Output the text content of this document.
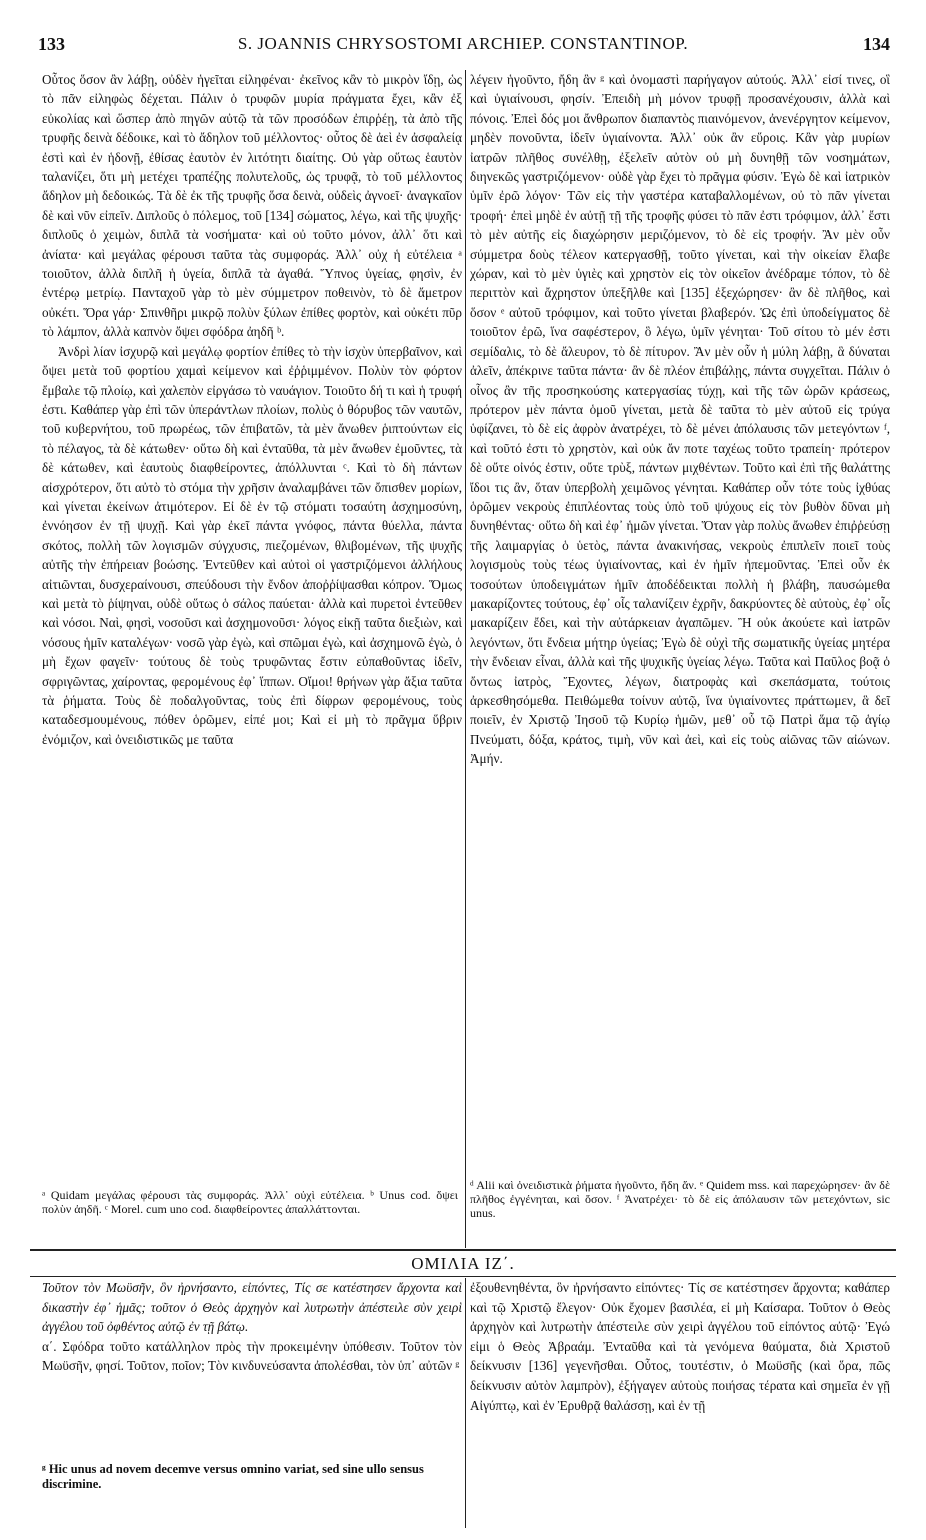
133	S. JOANNIS CHRYSOSTOMI ARCHIEP. CONSTANTINOP.	134

Οὗτος ὅσον ἂν λάβῃ, οὐδὲν ἡγεῖται εἰληφέναι· ἐκεῖνος κἂν τὸ μικρὸν ἴδῃ, ὡς τὸ πᾶν εἰληφὼς δέχεται. Πάλιν ὁ τρυφῶν μυρία πράγματα ἔχει, κἂν ἐξ εὐκολίας καὶ ὥσπερ ἀπὸ πηγῶν αὐτῷ τὰ τῶν προσόδων ἐπιρῥέῃ, τὰ ἀπὸ τῆς τρυφῆς δεινὰ δέδοικε, καὶ τὸ ἄδηλον τοῦ μέλλοντος· οὗτος δὲ ἀεὶ ἐν ἀσφαλείᾳ ἐστὶ καὶ ἐν ἡδονῇ, ἐθίσας ἑαυτὸν ἐν λιτότητι διαίτης. Οὐ γὰρ οὕτως ἑαυτὸν ταλανίζει, ὅτι μὴ μετέχει τραπέζης πολυτελοῦς, ὡς τρυφᾷ, τὸ τοῦ μέλλοντος ἄδηλον μὴ δεδοικώς. Τὰ δὲ ἐκ τῆς τρυφῆς ὅσα δεινὰ, οὐδεὶς ἀγνοεῖ· ἀναγκαῖον δὲ καὶ νῦν εἰπεῖν. Διπλοῦς ὁ πόλεμος, τοῦ [134] σώματος, λέγω, καὶ τῆς ψυχῆς· διπλοῦς ὁ χειμὼν, διπλᾶ τὰ νοσήματα· καὶ οὐ τοῦτο μόνον, ἀλλ᾽ ὅτι καὶ ἀνίατα· καὶ μεγάλας φέρουσι ταῦτα τὰς συμφοράς. Ἀλλ᾽ οὐχ ἡ εὐτέλεια ᵃ τοιοῦτον, ἀλλὰ διπλῆ ἡ ὑγεία, διπλᾶ τὰ ἀγαθά. Ὕπνος ὑγείας, φησὶν, ἐν ἐντέρῳ μετρίῳ. Πανταχοῦ γὰρ τὸ μὲν σύμμετρον ποθεινὸν, τὸ δὲ ἄμετρον οὐκέτι. Ὅρα γάρ· Σπινθῆρι μικρῷ πολὺν ξύλων ἐπίθες φορτὸν, καὶ οὐκέτι πῦρ τὸ λάμπον, ἀλλὰ καπνὸν ὄψει σφόδρα ἀηδῆ ᵇ.

Ἀνδρὶ λίαν ἰσχυρῷ καὶ μεγάλῳ φορτίον ἐπίθες τὸ τὴν ἰσχὺν ὑπερβαῖνον, καὶ ὄψει μετὰ τοῦ φορτίου χαμαὶ κείμενον καὶ ἐῤῥιμμένον. Πολὺν τὸν φόρτον ἔμβαλε τῷ πλοίῳ, καὶ χαλεπὸν εἰργάσω τὸ ναυάγιον. Τοιοῦτο δή τι καὶ ἡ τρυφή ἐστι. Καθάπερ γὰρ ἐπὶ τῶν ὑπεράντλων πλοίων, πολὺς ὁ θόρυβος τῶν ναυτῶν, τοῦ κυβερνήτου, τοῦ πρωρέως, τῶν ἐπιβατῶν, τὰ μὲν ἄνωθεν ῥιπτούντων εἰς τὸ πέλαγος, τὰ δὲ κάτωθεν· οὕτω δὴ καὶ ἐνταῦθα, τὰ μὲν ἄνωθεν ἐμοῦντες, τὰ δὲ κάτωθεν, καὶ ἑαυτοὺς διαφθείροντες, ἀπόλλυνται ᶜ. Καὶ τὸ δὴ πάντων αἰσχρότερον, ὅτι αὐτὸ τὸ στόμα τὴν χρῆσιν ἀναλαμβάνει τῶν ὄπισθεν μορίων, καὶ γίνεται ἐκείνων ἀτιμότερον. Εἰ δὲ ἐν τῷ στόματι τοσαύτη ἀσχημοσύνη, ἐννόησον ἐν τῇ ψυχῇ. Καὶ γὰρ ἐκεῖ πάντα γνόφος, πάντα θύελλα, πάντα σκότος, πολλὴ τῶν λογισμῶν σύγχυσις, πιεζομένων, θλιβομένων, τῆς ψυχῆς αὐτῆς τὴν ἐπήρειαν βοώσης. Ἐντεῦθεν καὶ αὐτοὶ οἱ γαστριζόμενοι ἀλλήλους αἰτιῶνται, δυσχεραίνουσι, σπεύδουσι τὴν ἔνδον ἀποῤῥίψασθαι κόπρον. Ὅμως καὶ μετὰ τὸ ῥίψηναι, οὐδὲ οὕτως ὁ σάλος παύεται· ἀλλὰ καὶ πυρετοὶ ἐντεῦθεν καὶ νόσοι. Ναὶ, φησὶ, νοσοῦσι καὶ ἀσχημονοῦσι· λόγος εἰκῇ ταῦτα διεξιὼν, καὶ νόσους ἡμῖν καταλέγων· νοσῶ γὰρ ἐγὼ, καὶ σπῶμαι ἐγὼ, καὶ ἀσχημονῶ ἐγὼ, ὁ μὴ ἔχων φαγεῖν· τούτους δὲ τοὺς τρυφῶντας ἔστιν εὐπαθοῦντας ἰδεῖν, σφριγῶντας, χαίροντας, φερομένους ἐφ᾽ ἵππων. Οἴμοι! θρήνων γὰρ ἄξια ταῦτα τὰ ῥήματα. Τοὺς δὲ ποδαλγοῦντας, τοὺς ἐπὶ δίφρων φερομένους, τοὺς καταδεσμουμένους, πόθεν ὁρῶμεν, εἰπέ μοι; Καὶ εἰ μὴ τὸ πρᾶγμα ὕβριν ἐνόμιζον, καὶ ὀνειδιστικῶς με ταῦτα

λέγειν ἡγοῦντο, ἤδη ἂν ᵍ καὶ ὀνομαστὶ παρήγαγον αὐτούς. Ἀλλ᾽ εἰσί τινες, οἳ καὶ ὑγιαίνουσι, φησίν. Ἐπειδὴ μὴ μόνον τρυφῇ προσανέχουσιν, ἀλλὰ καὶ πόνοις. Ἐπεὶ δός μοι ἄνθρωπον διαπαντὸς πιαινόμενον, ἀνενέργητον κείμενον, μηδὲν πονοῦντα, ἰδεῖν ὑγιαίνοντα. Ἀλλ᾽ οὐκ ἂν εὕροις. Κἂν γὰρ μυρίων ἰατρῶν πλῆθος συνέλθῃ, ἐξελεῖν αὐτὸν οὐ μὴ δυνηθῇ τῶν νοσημάτων, διηνεκῶς γαστριζόμενον· οὐδὲ γὰρ ἔχει τὸ πρᾶγμα φύσιν. Ἐγὼ δὲ καὶ ἰατρικὸν ὑμῖν ἐρῶ λόγον· Τῶν εἰς τὴν γαστέρα καταβαλλομένων, οὐ τὸ πᾶν γίνεται τροφή· ἐπεὶ μηδὲ ἐν αὐτῇ τῇ τῆς τροφῆς φύσει τὸ πᾶν ἐστι τρόφιμον, ἀλλ᾽ ἔστι τὸ μὲν αὐτῆς εἰς διαχώρησιν μεριζόμενον, τὸ δὲ εἰς τροφήν. Ἂν μὲν οὖν σύμμετρα δοὺς τέλεον κατεργασθῇ, τοῦτο γίνεται, καὶ τὴν οἰκείαν ἔλαβε χώραν, καὶ τὸ μὲν ὑγιὲς καὶ χρηστὸν εἰς τὸν οἰκεῖον ἀνέδραμε τόπον, τὸ δὲ περιττὸν καὶ ἄχρηστον ὑπεξῆλθε καὶ [135] ἐξεχώρησεν· ἂν δὲ πλῆθος, καὶ ὅσον ᵉ αὐτοῦ τρόφιμον, καὶ τοῦτο γίνεται βλαβερόν. Ὡς ἐπὶ ὑποδείγματος δὲ τοιοῦτον ἐρῶ, ἵνα σαφέστερον, ὃ λέγω, ὑμῖν γένηται· Τοῦ σίτου τὸ μέν ἐστι σεμίδαλις, τὸ δὲ ἄλευρον, τὸ δὲ πίτυρον. Ἂν μὲν οὖν ἡ μύλη λάβῃ, ἃ δύναται ἀλεῖν, ἀπέκρινε ταῦτα πάντα· ἂν δὲ πλέον ἐπιβάλῃς, πάντα συγχεῖται. Πάλιν ὁ οἶνος ἂν τῆς προσηκούσης κατεργασίας τύχῃ, καὶ τῆς τῶν ὡρῶν κράσεως, πρότερον μὲν πάντα ὁμοῦ γίνεται, μετὰ δὲ ταῦτα τὸ μὲν αὐτοῦ εἰς τρύγα ὑφίζανει, τὸ δὲ εἰς ἀφρὸν ἀνατρέχει, τὸ δὲ μένει ἀπόλαυσις τῶν μετεγόντων ᶠ, καὶ τοῦτό ἐστι τὸ χρηστὸν, καὶ οὐκ ἄν ποτε ταχέως τοῦτο τραπείη· πρότερον δὲ οὔτε οἰνός ἐστιν, οὔτε τρὺξ, πάντων μιχθέντων. Τοῦτο καὶ ἐπὶ τῆς θαλάττης ἴδοι τις ἂν, ὅταν ὑπερβολὴ χειμῶνος γένηται. Καθάπερ οὖν τότε τοὺς ἰχθύας ὁρῶμεν νεκροὺς ἐπιπλέοντας τοὺς ὑπὸ τοῦ ψύχους εἰς τὸν βυθὸν δῦναι μὴ δυνηθέντας· οὕτω δὴ καὶ ἐφ᾽ ἡμῶν γίνεται. Ὅταν γὰρ πολὺς ἄνωθεν ἐπιῤῥεύσῃ τῆς λαιμαργίας ὁ ὑετὸς, πάντα ἀνακινήσας, νεκροὺς ἐπιπλεῖν ποιεῖ τοὺς λογισμοὺς τοὺς τέως ὑγιαίνοντας, καὶ ἐν ἡμῖν ἠπεμοῦντας. Ἐπεὶ οὖν ἐκ τοσούτων ὑποδειγμάτων ἡμῖν ἀποδέδεικται πολλὴ ἡ βλάβη, παυσώμεθα μακαρίζοντες τούτους, ἐφ᾽ οἷς ταλανίζειν ἐχρῆν, δακρύοντες δὲ αὐτοὺς, ἐφ᾽ οἷς μακαρίζειν ἔδει, καὶ τὴν αὐτάρκειαν ἀγαπῶμεν. Ἢ οὐκ ἀκούετε καὶ ἰατρῶν λεγόντων, ὅτι ἔνδεια μήτηρ ὑγείας; Ἐγὼ δὲ οὐχὶ τῆς σωματικῆς ὑγείας μητέρα τὴν ἔνδειαν εἶναι, ἀλλὰ καὶ τῆς ψυχικῆς ὑγείας λέγω. Ταῦτα καὶ Παῦλος βοᾷ ὁ ὄντως ἰατρὸς, Ἔχοντες, λέγων, διατροφὰς καὶ σκεπάσματα, τούτοις ἀρκεσθησόμεθα. Πειθώμεθα τοίνυν αὐτῷ, ἵνα ὑγιαίνοντες πράττωμεν, ἃ δεῖ ποιεῖν, ἐν Χριστῷ Ἰησοῦ τῷ Κυρίῳ ἡμῶν, μεθ᾽ οὗ τῷ Πατρὶ ἅμα τῷ ἁγίῳ Πνεύματι, δόξα, κράτος, τιμὴ, νῦν καὶ ἀεὶ, καὶ εἰς τοὺς αἰῶνας τῶν αἰώνων. Ἀμήν.

ᵃ Quidam μεγάλας φέρουσι τὰς συμφοράς. Ἀλλ᾽ οὐχὶ εὐτέλεια. ᵇ Unus cod. ὄψει πολὺν ἀηδῆ. ᶜ Morel. cum uno cod. διαφθείροντες ἀπαλλάττονται.
ᵈ Alii καὶ ὀνειδιστικὰ ῥήματα ἡγοῦντο, ἤδη ἄν. ᵉ Quidem mss. καὶ παρεχώρησεν· ἂν δὲ πλῆθος ἐγγένηται, καὶ ὅσον. ᶠ Ἀνατρέχει· τὸ δὲ εἰς ἀπόλαυσιν τῶν μετεχόντων, sic unus.
ΟΜΙΛΙΑ ΙΖ΄.

Τοῦτον τὸν Μωϋσῆν, ὃν ἠρνήσαντο, εἰπόντες, Τίς σε κατέστησεν ἄρχοντα καὶ δικαστὴν ἐφ᾽ ἡμᾶς; τοῦτον ὁ Θεὸς ἀρχηγὸν καὶ λυτρωτὴν ἀπέστειλε σὺν χειρὶ ἀγγέλου τοῦ ὀφθέντος αὐτῷ ἐν τῇ βάτῳ.

α΄. Σφόδρα τοῦτο κατάλληλον πρὸς τὴν προκειμένην ὑπόθεσιν. Τοῦτον τὸν Μωϋσῆν, φησί. Τοῦτον, ποῖον; Τὸν κινδυνεύσαντα ἀπολέσθαι, τὸν ὑπ᾽ αὐτῶν ᵍ

ἐξουθενηθέντα, ὃν ἠρνήσαντο εἰπόντες· Τίς σε κατέστησεν ἄρχοντα; καθάπερ καὶ τῷ Χριστῷ ἔλεγον· Οὐκ ἔχομεν βασιλέα, εἰ μὴ Καίσαρα. Τοῦτον ὁ Θεὸς ἀρχηγὸν καὶ λυτρωτὴν ἀπέστειλε σὺν χειρὶ ἀγγέλου τοῦ εἰπόντος αὐτῷ· Ἐγώ εἰμι ὁ Θεὸς Ἀβραάμ. Ἐνταῦθα καὶ τὰ γενόμενα θαύματα, διὰ Χριστοῦ δείκνυσιν [136] γεγενῆσθαι. Οὗτος, τουτέστιν, ὁ Μωϋσῆς (καὶ ὅρα, πῶς δείκνυσιν αὐτὸν λαμπρὸν), ἐξήγαγεν αὐτοὺς ποιήσας τέρατα καὶ σημεῖα ἐν γῇ Αἰγύπτῳ, καὶ ἐν Ἐρυθρᾷ θαλάσσῃ, καὶ ἐν τῇ

ᵍ Hic unus ad novem decemve versus omnino variat, sed sine ullo sensus discrimine.
